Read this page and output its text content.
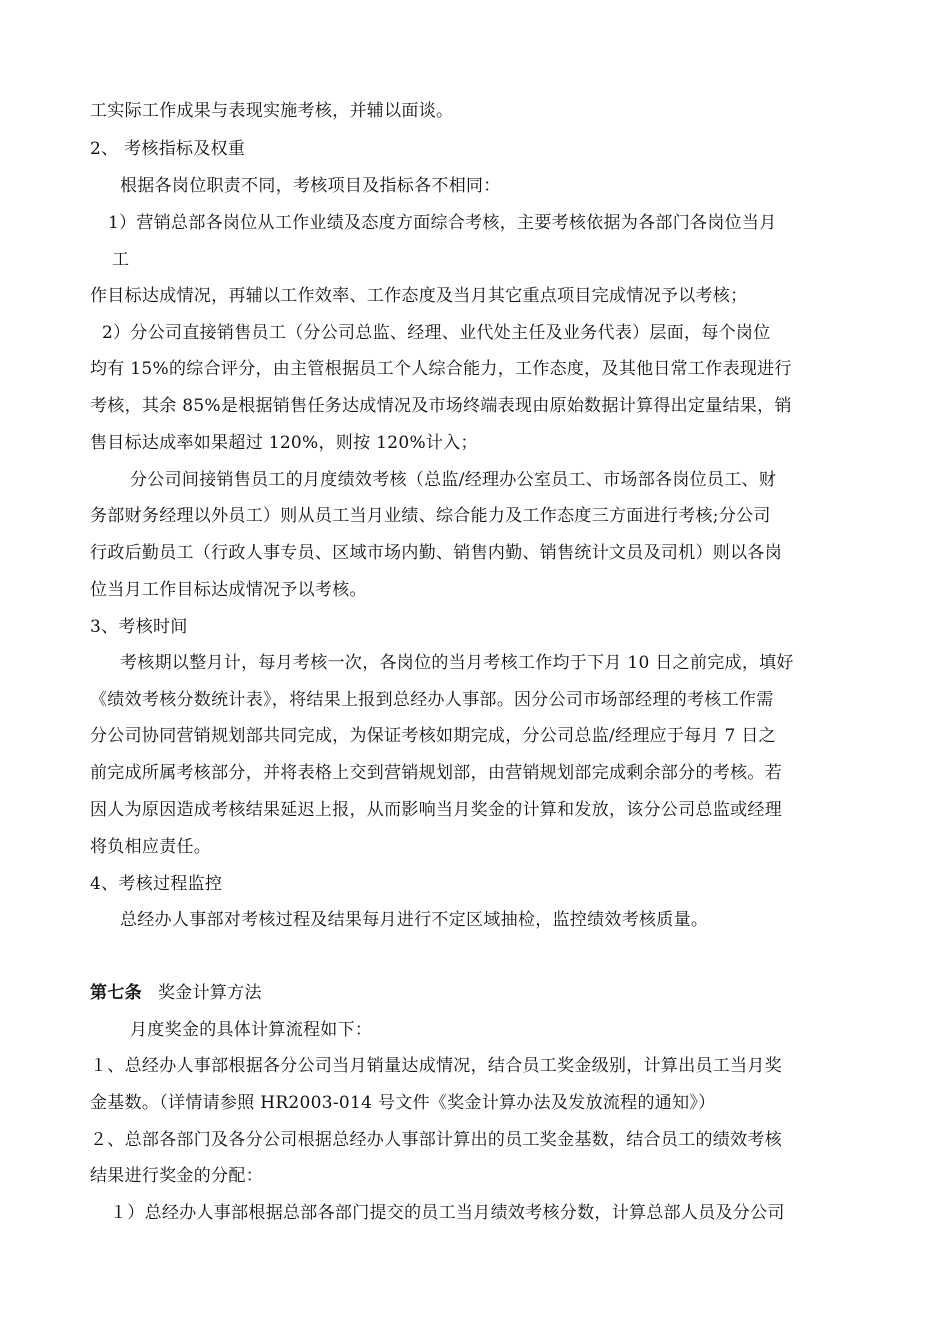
工实际工作成果与表现实施考核，并辅以面谈。
2、 考核指标及权重
根据各岗位职责不同，考核项目及指标各不相同：
1）营销总部各岗位从工作业绩及态度方面综合考核，主要考核依据为各部门各岗位当月
工
作目标达成情况，再辅以工作效率、工作态度及当月其它重点项目完成情况予以考核；
2）分公司直接销售员工（分公司总监、经理、业代处主任及业务代表）层面，每个岗位
均有 15%的综合评分，由主管根据员工个人综合能力，工作态度，及其他日常工作表现进行
考核，其余 85%是根据销售任务达成情况及市场终端表现由原始数据计算得出定量结果，销
售目标达成率如果超过 120%，则按 120%计入；
分公司间接销售员工的月度绩效考核（总监/经理办公室员工、市场部各岗位员工、财
务部财务经理以外员工）则从员工当月业绩、综合能力及工作态度三方面进行考核;分公司
行政后勤员工（行政人事专员、区域市场内勤、销售内勤、销售统计文员及司机）则以各岗
位当月工作目标达成情况予以考核。
3、考核时间
考核期以整月计，每月考核一次，各岗位的当月考核工作均于下月 10 日之前完成，填好
《绩效考核分数统计表》，将结果上报到总经办人事部。因分公司市场部经理的考核工作需
分公司协同营销规划部共同完成，为保证考核如期完成，分公司总监/经理应于每月 7 日之
前完成所属考核部分，并将表格上交到营销规划部，由营销规划部完成剩余部分的考核。若
因人为原因造成考核结果延迟上报，从而影响当月奖金的计算和发放，该分公司总监或经理
将负相应责任。
4、考核过程监控
总经办人事部对考核过程及结果每月进行不定区域抽检，监控绩效考核质量。
第七条 奖金计算方法
月度奖金的具体计算流程如下：
１、总经办人事部根据各分公司当月销量达成情况，结合员工奖金级别，计算出员工当月奖
金基数。（详情请参照 HR2003-014 号文件《奖金计算办法及发放流程的通知》）
２、总部各部门及各分公司根据总经办人事部计算出的员工奖金基数，结合员工的绩效考核
结果进行奖金的分配：
１）总经办人事部根据总部各部门提交的员工当月绩效考核分数，计算总部人员及分公司
